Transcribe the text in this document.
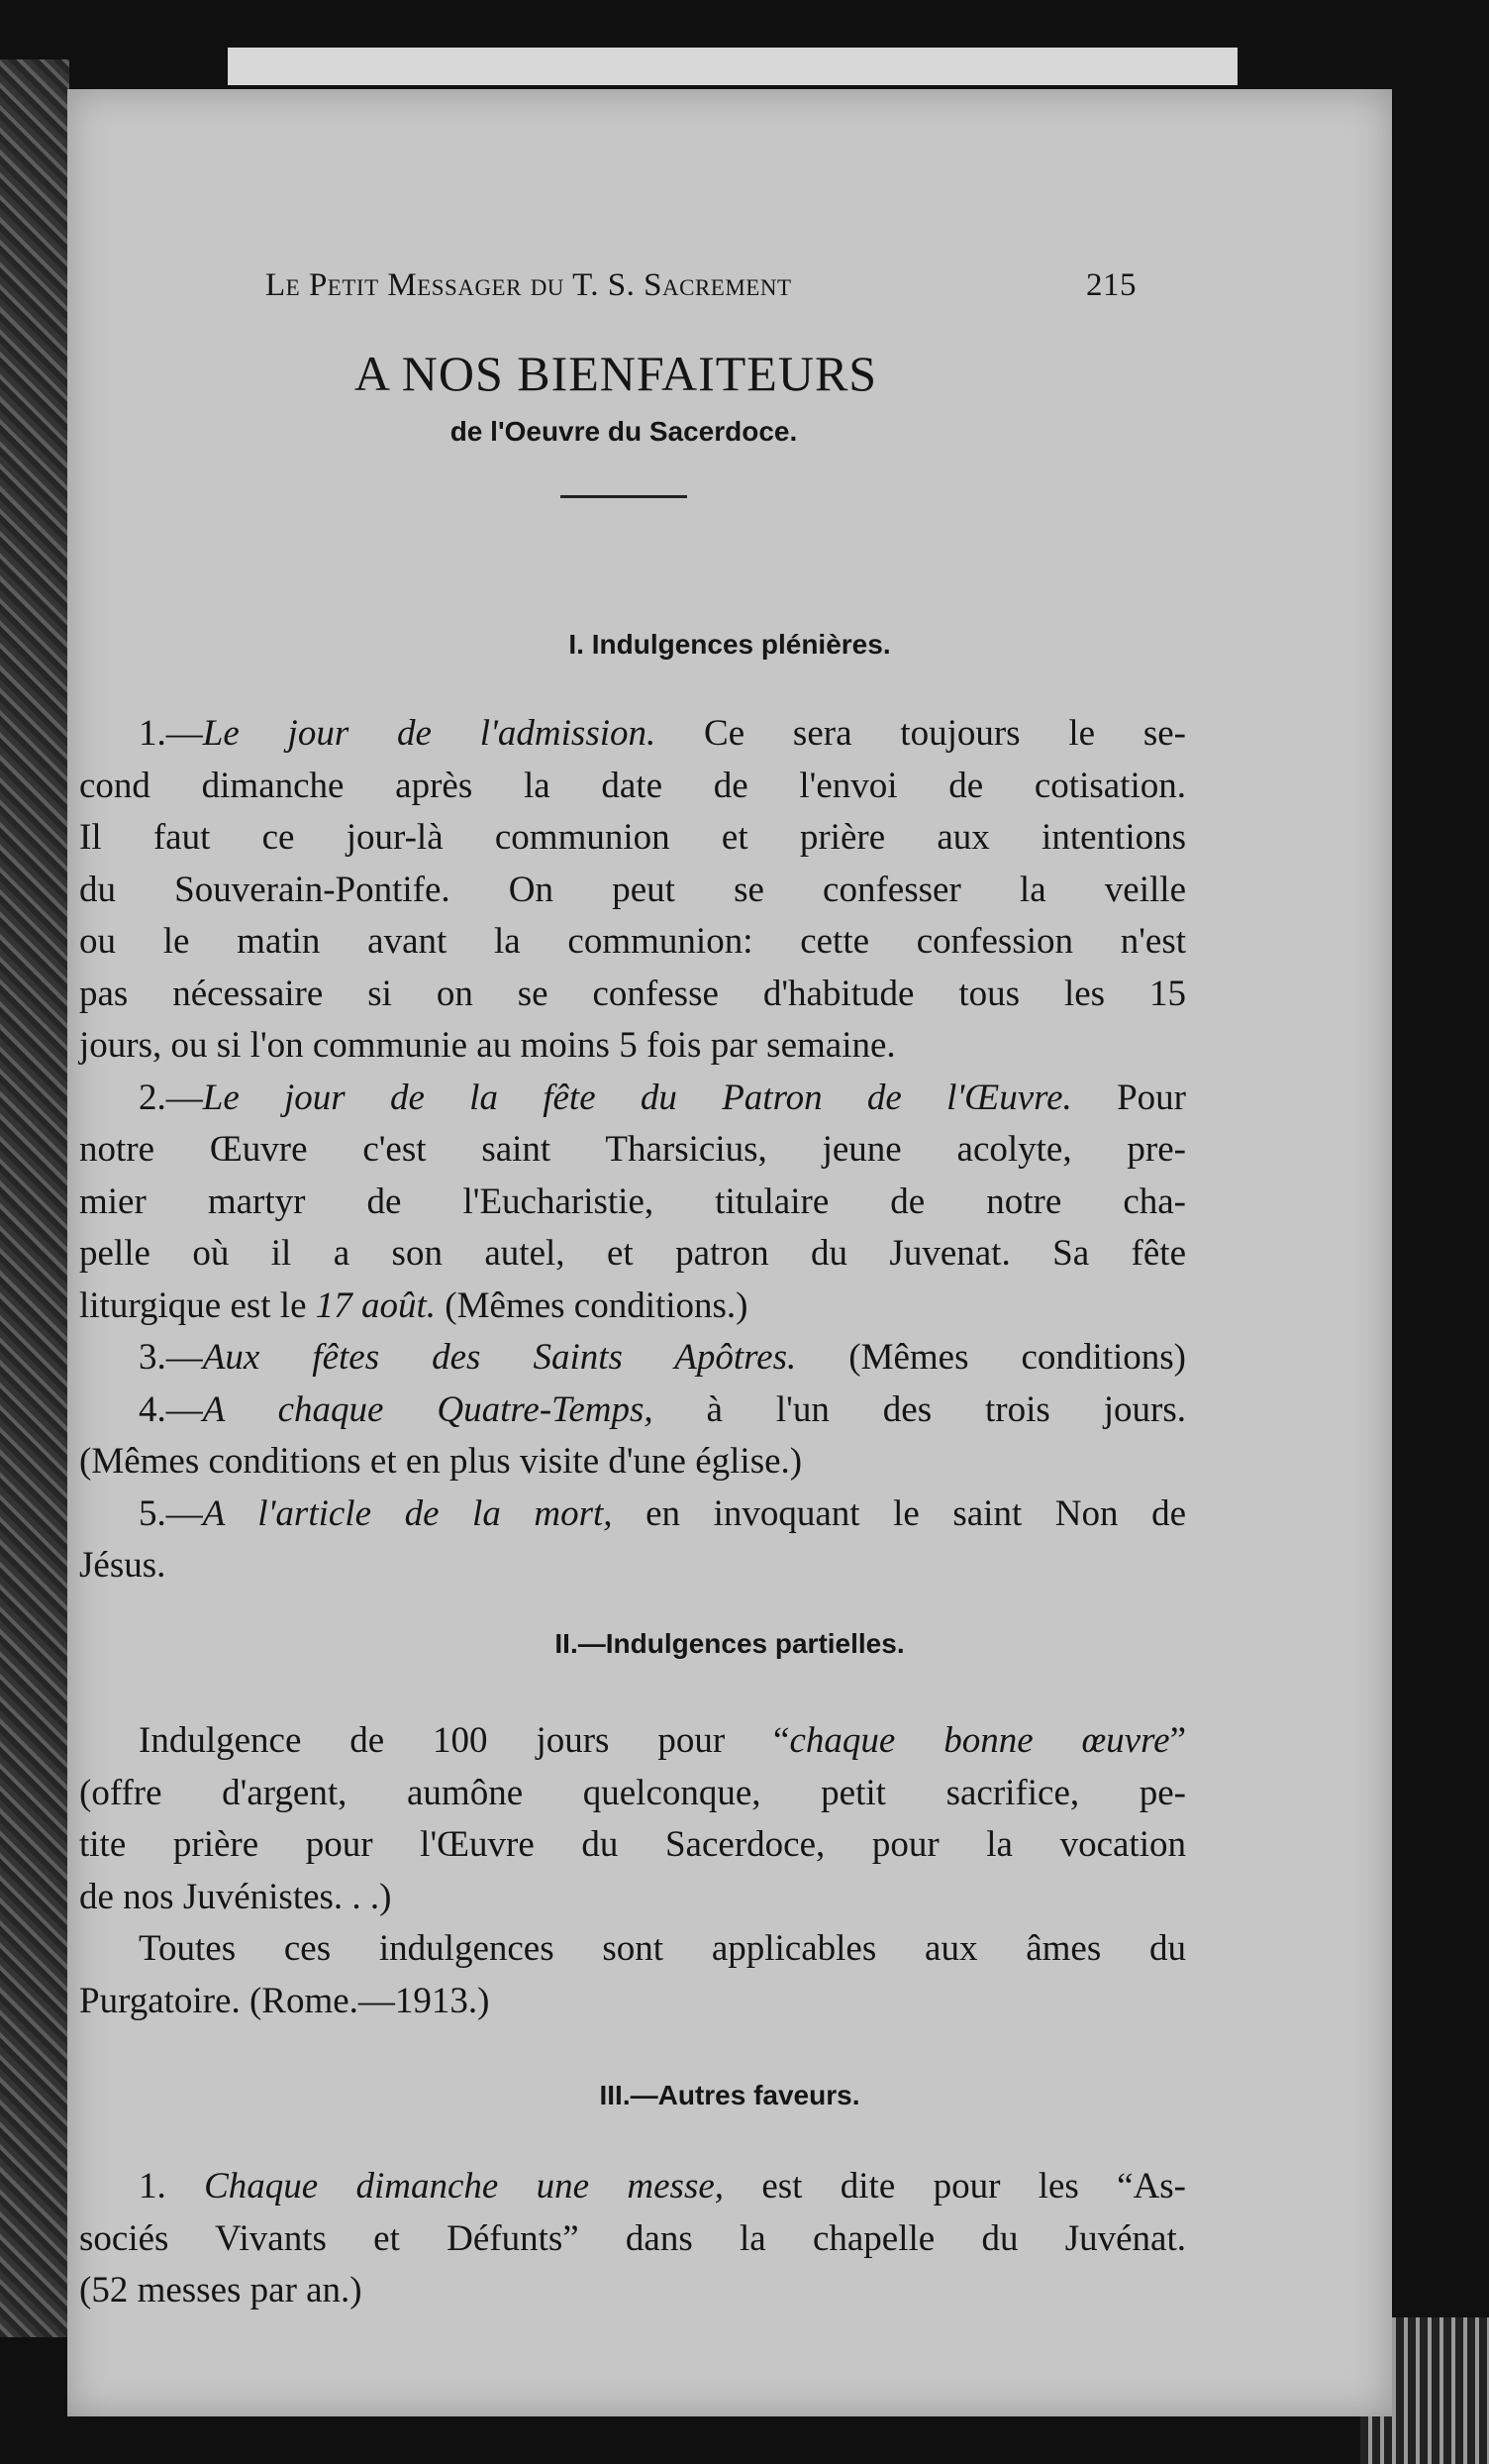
Le Petit Messager du T. S. Sacrement	215
A NOS BIENFAITEURS
de l'Oeuvre du Sacerdoce.
I. Indulgences plénières.
1.—Le jour de l'admission. Ce sera toujours le se-
cond dimanche après la date de l'envoi de cotisation.
Il faut ce jour-là communion et prière aux intentions
du Souverain-Pontife. On peut se confesser la veille
ou le matin avant la communion: cette confession n'est
pas nécessaire si on se confesse d'habitude tous les 15
jours, ou si l'on communie au moins 5 fois par semaine.
2.—Le jour de la fête du Patron de l'Œuvre. Pour
notre Œuvre c'est saint Tharsicius, jeune acolyte, pre-
mier martyr de l'Eucharistie, titulaire de notre cha-
pelle où il a son autel, et patron du Juvenat. Sa fête
liturgique est le 17 août. (Mêmes conditions.)
3.—Aux fêtes des Saints Apôtres. (Mêmes conditions)
4.—A chaque Quatre-Temps, à l'un des trois jours.
(Mêmes conditions et en plus visite d'une église.)
5.—A l'article de la mort, en invoquant le saint Non de
Jésus.
II.—Indulgences partielles.
Indulgence de 100 jours pour “chaque bonne œuvre”
(offre d'argent, aumône quelconque, petit sacrifice, pe-
tite prière pour l'Œuvre du Sacerdoce, pour la vocation
de nos Juvénistes. . .)
Toutes ces indulgences sont applicables aux âmes du
Purgatoire. (Rome.—1913.)
III.—Autres faveurs.
1. Chaque dimanche une messe, est dite pour les “As-
sociés Vivants et Défunts” dans la chapelle du Juvénat.
(52 messes par an.)
